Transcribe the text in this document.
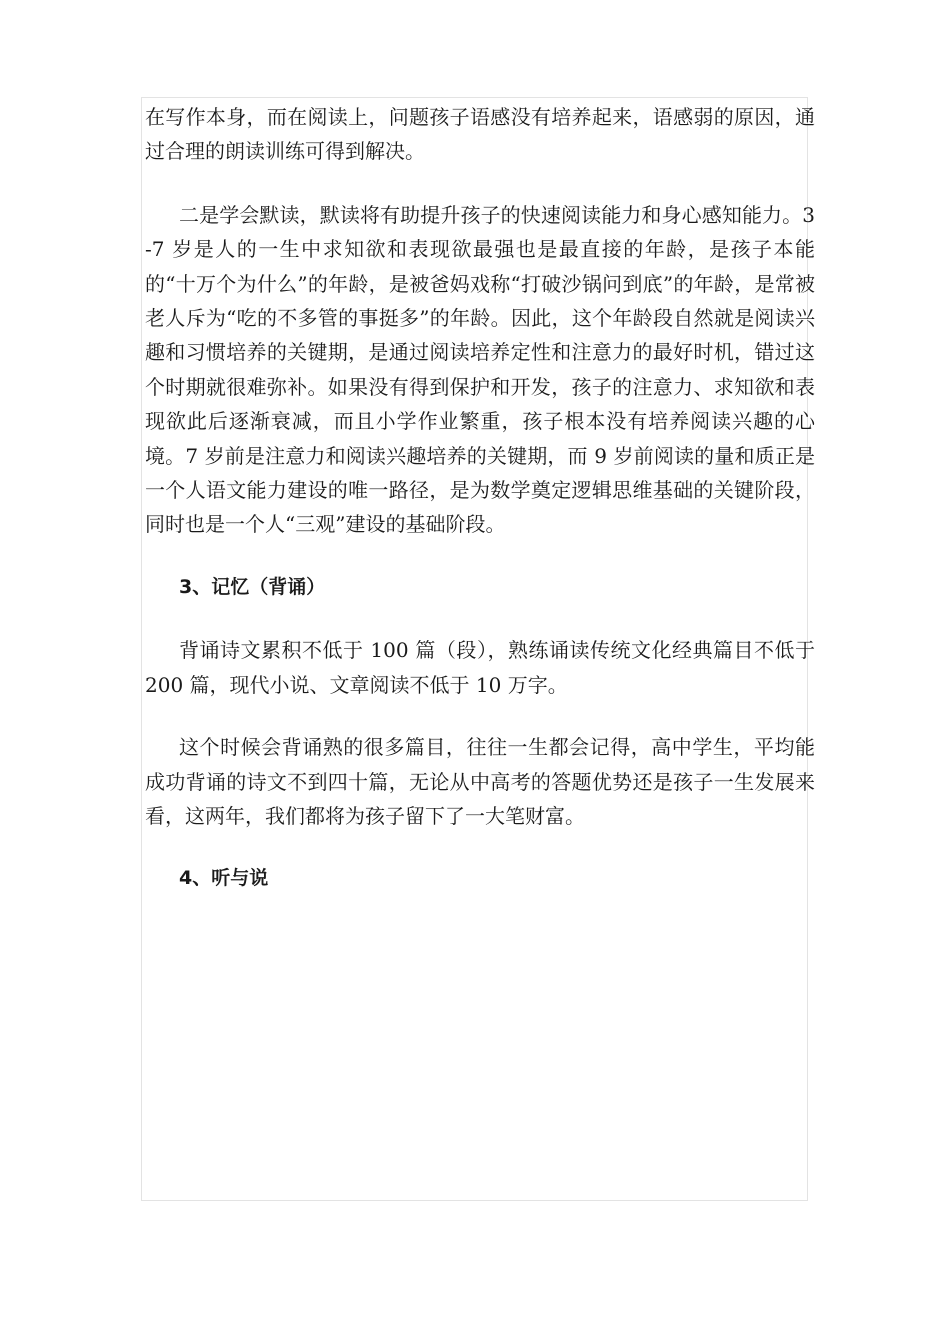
在写作本身，而在阅读上，问题孩子语感没有培养起来，语感弱的原因，通过合理的朗读训练可得到解决。

二是学会默读，默读将有助提升孩子的快速阅读能力和身心感知能力。3-7 岁是人的一生中求知欲和表现欲最强也是最直接的年龄，是孩子本能的“十万个为什么”的年龄，是被爸妈戏称“打破沙锅问到底”的年龄，是常被老人斥为“吃的不多管的事挺多”的年龄。因此，这个年龄段自然就是阅读兴趣和习惯培养的关键期，是通过阅读培养定性和注意力的最好时机，错过这个时期就很难弥补。如果没有得到保护和开发，孩子的注意力、求知欲和表现欲此后逐渐衰减，而且小学作业繁重，孩子根本没有培养阅读兴趣的心境。7 岁前是注意力和阅读兴趣培养的关键期，而 9 岁前阅读的量和质正是一个人语文能力建设的唯一路径，是为数学奠定逻辑思维基础的关键阶段，同时也是一个人“三观”建设的基础阶段。

3、记忆（背诵）

背诵诗文累积不低于 100 篇（段），熟练诵读传统文化经典篇目不低于 200 篇，现代小说、文章阅读不低于 10 万字。

这个时候会背诵熟的很多篇目，往往一生都会记得，高中学生，平均能成功背诵的诗文不到四十篇，无论从中高考的答题优势还是孩子一生发展来看，这两年，我们都将为孩子留下了一大笔财富。

4、听与说
